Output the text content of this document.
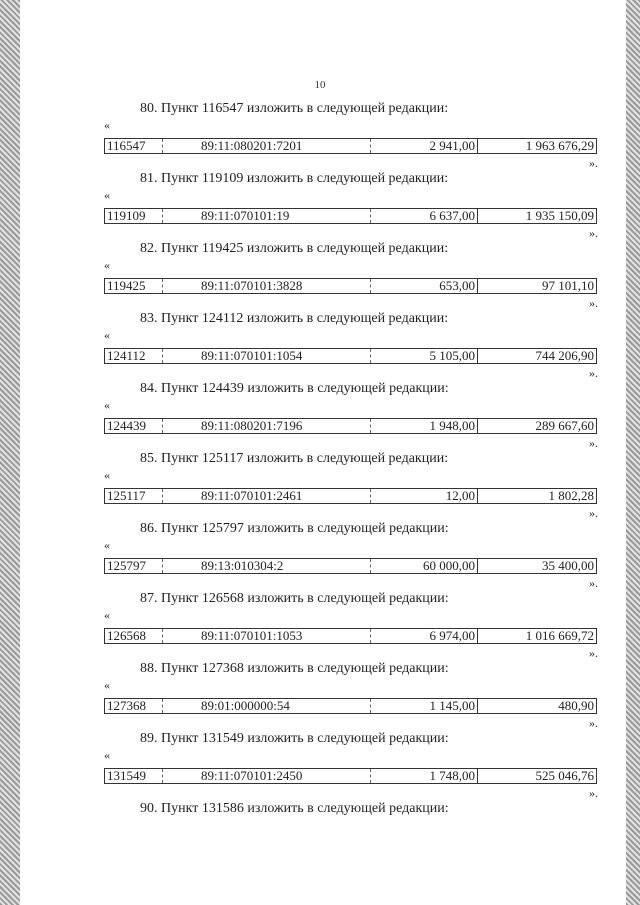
10
80. Пункт 116547 изложить в следующей редакции:
«
116547	89:11:080201:7201	2 941,00	1 963 676,29
».
81. Пункт 119109 изложить в следующей редакции:
«
119109	89:11:070101:19	6 637,00	1 935 150,09
».
82. Пункт 119425 изложить в следующей редакции:
«
119425	89:11:070101:3828	653,00	97 101,10
».
83. Пункт 124112 изложить в следующей редакции:
«
124112	89:11:070101:1054	5 105,00	744 206,90
».
84. Пункт 124439 изложить в следующей редакции:
«
124439	89:11:080201:7196	1 948,00	289 667,60
».
85. Пункт 125117 изложить в следующей редакции:
«
125117	89:11:070101:2461	12,00	1 802,28
».
86. Пункт 125797 изложить в следующей редакции:
«
125797	89:13:010304:2	60 000,00	35 400,00
».
87. Пункт 126568 изложить в следующей редакции:
«
126568	89:11:070101:1053	6 974,00	1 016 669,72
».
88. Пункт 127368 изложить в следующей редакции:
«
127368	89:01:000000:54	1 145,00	480,90
».
89. Пункт 131549 изложить в следующей редакции:
«
131549	89:11:070101:2450	1 748,00	525 046,76
».
90. Пункт 131586 изложить в следующей редакции:
